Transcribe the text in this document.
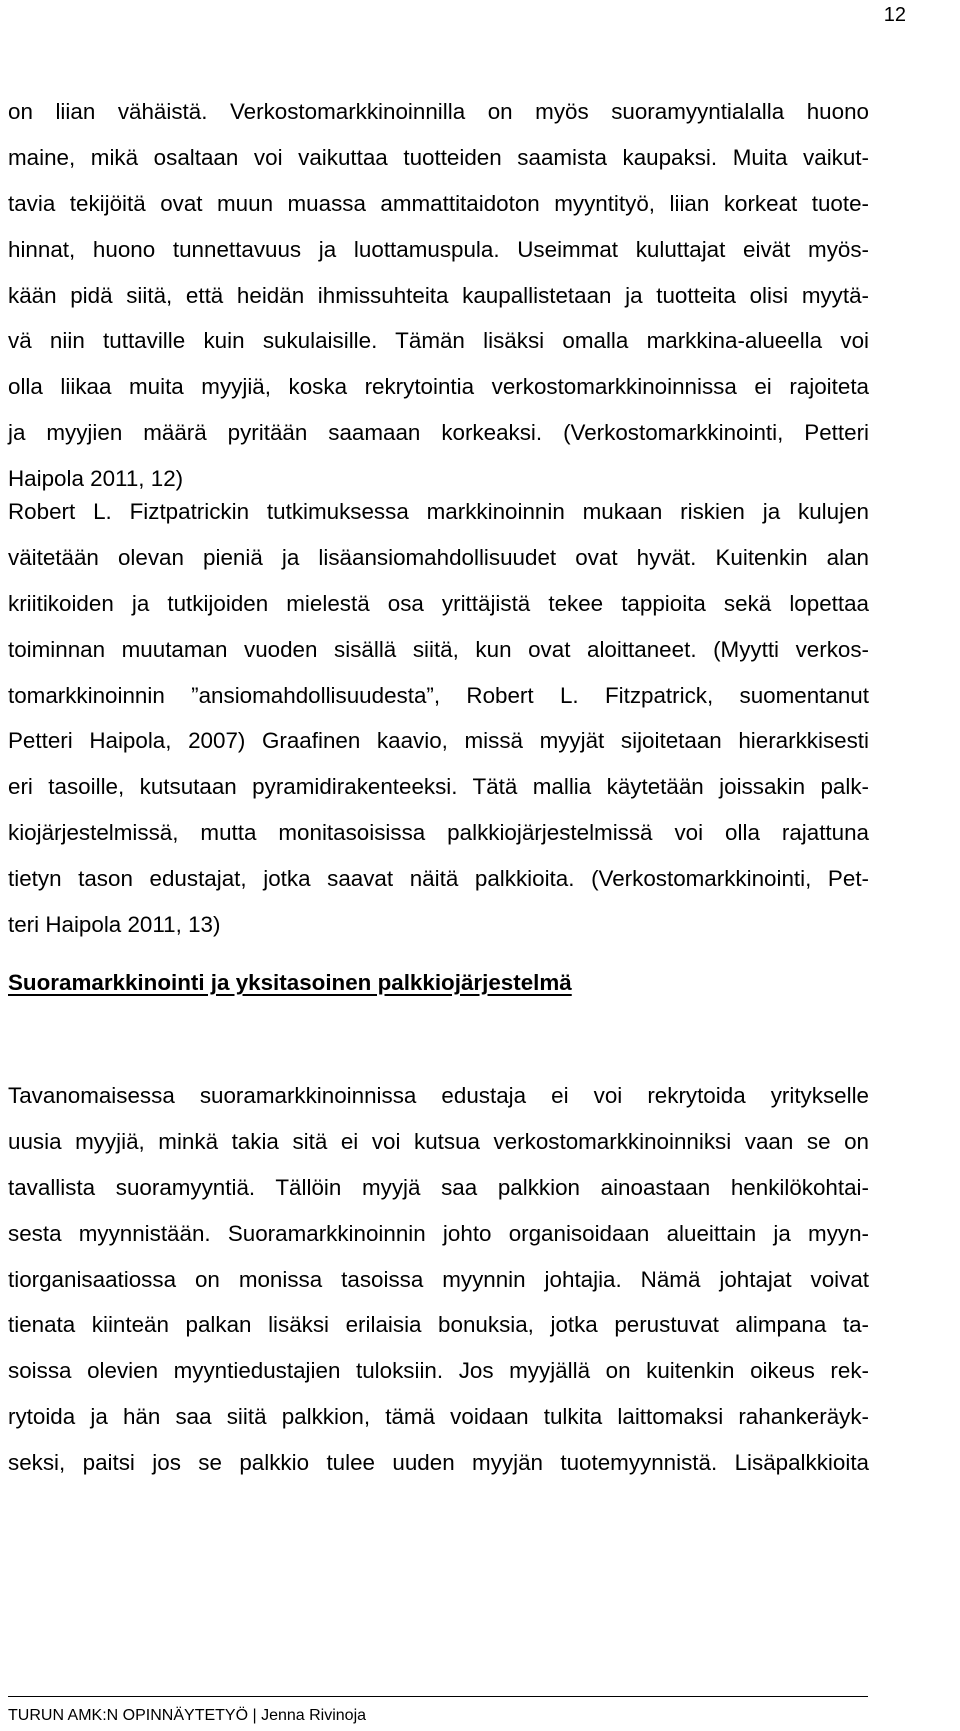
12
on liian vähäistä. Verkostomarkkinoinnilla on myös suoramyyntialalla huono
maine, mikä osaltaan voi vaikuttaa tuotteiden saamista kaupaksi. Muita vaikut-
tavia tekijöitä ovat muun muassa ammattitaidoton myyntityö, liian korkeat tuote-
hinnat, huono tunnettavuus ja luottamuspula. Useimmat kuluttajat eivät myös-
kään pidä siitä, että heidän ihmissuhteita kaupallistetaan ja tuotteita olisi myytä-
vä niin tuttaville kuin sukulaisille. Tämän lisäksi omalla markkina-alueella voi
olla liikaa muita myyjiä, koska rekrytointia verkostomarkkinoinnissa ei rajoiteta
ja myyjien määrä pyritään saamaan korkeaksi. (Verkostomarkkinointi, Petteri
Haipola 2011, 12)
Robert L. Fiztpatrickin tutkimuksessa markkinoinnin mukaan riskien ja kulujen
väitetään olevan pieniä ja lisäansiomahdollisuudet ovat hyvät. Kuitenkin alan
kriitikoiden ja tutkijoiden mielestä osa yrittäjistä tekee tappioita sekä lopettaa
toiminnan muutaman vuoden sisällä siitä, kun ovat aloittaneet. (Myytti verkos-
tomarkkinoinnin ”ansiomahdollisuudesta”, Robert L. Fitzpatrick, suomentanut
Petteri Haipola, 2007) Graafinen kaavio, missä myyjät sijoitetaan hierarkkisesti
eri tasoille, kutsutaan pyramidirakenteeksi. Tätä mallia käytetään joissakin palk-
kiojärjestelmissä, mutta monitasoisissa palkkiojärjestelmissä voi olla rajattuna
tietyn tason edustajat, jotka saavat näitä palkkioita. (Verkostomarkkinointi, Pet-
teri Haipola 2011, 13)
Suoramarkkinointi ja yksitasoinen palkkiojärjestelmä
Tavanomaisessa suoramarkkinoinnissa edustaja ei voi rekrytoida yritykselle
uusia myyjiä, minkä takia sitä ei voi kutsua verkostomarkkinoinniksi vaan se on
tavallista suoramyyntiä. Tällöin myyjä saa palkkion ainoastaan henkilökohtai-
sesta myynnistään. Suoramarkkinoinnin johto organisoidaan alueittain ja myyn-
tiorganisaatiossa on monissa tasoissa myynnin johtajia. Nämä johtajat voivat
tienata kiinteän palkan lisäksi erilaisia bonuksia, jotka perustuvat alimpana ta-
soissa olevien myyntiedustajien tuloksiin. Jos myyjällä on kuitenkin oikeus rek-
rytoida ja hän saa siitä palkkion, tämä voidaan tulkita laittomaksi rahankeräyk-
seksi, paitsi jos se palkkio tulee uuden myyjän tuotemyynnistä. Lisäpalkkioita
TURUN AMK:N OPINNÄYTETYÖ | Jenna Rivinoja
